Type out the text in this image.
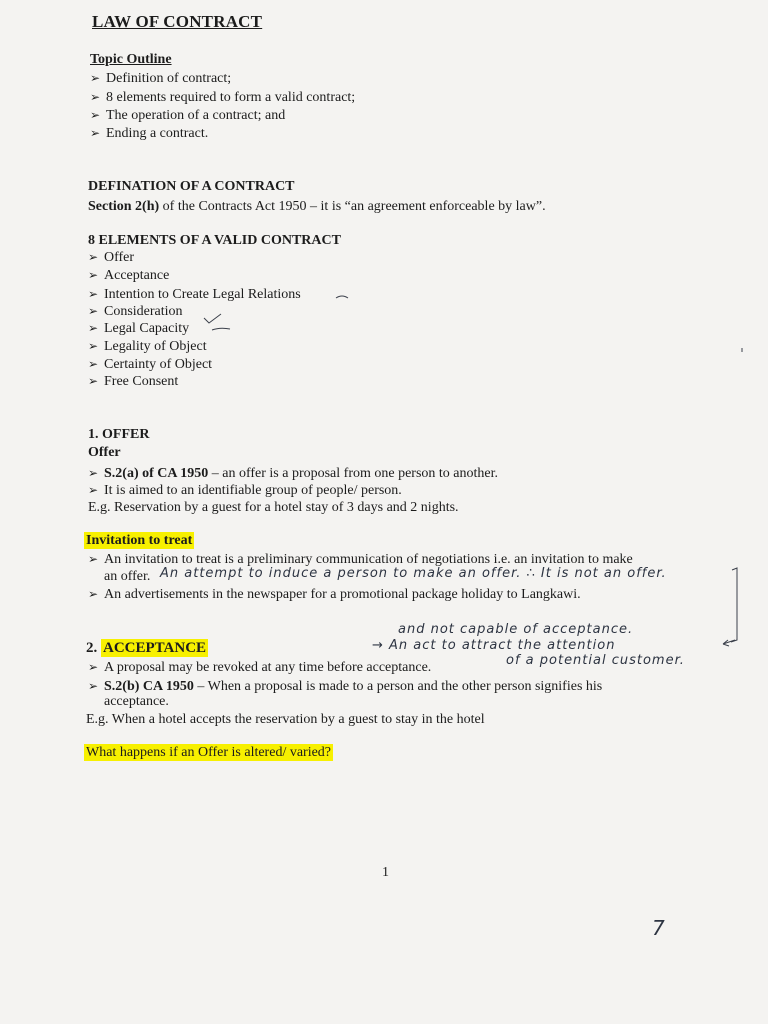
LAW OF CONTRACT
Topic Outline
➢ Definition of contract;
➢ 8 elements required to form a valid contract;
➢ The operation of a contract; and
➢ Ending a contract.
DEFINATION OF A CONTRACT
Section 2(h) of the Contracts Act 1950 – it is “an agreement enforceable by law”.
8 ELEMENTS OF A VALID CONTRACT
➢ Offer
➢ Acceptance
➢ Intention to Create Legal Relations
➢ Consideration
➢ Legal Capacity
➢ Legality of Object
➢ Certainty of Object
➢ Free Consent
1. OFFER
Offer
➢ S.2(a) of CA 1950 – an offer is a proposal from one person to another.
➢ It is aimed to an identifiable group of people/ person.
E.g. Reservation by a guest for a hotel stay of 3 days and 2 nights.
Invitation to treat
➢ An invitation to treat is a preliminary communication of negotiations i.e. an invitation to make
an offer.
➢ An advertisements in the newspaper for a promotional package holiday to Langkawi.
2. ACCEPTANCE
➢ A proposal may be revoked at any time before acceptance.
➢ S.2(b) CA 1950 – When a proposal is made to a person and the other person signifies his
acceptance.
E.g. When a hotel accepts the reservation by a guest to stay in the hotel
What happens if an Offer is altered/ varied?
1
An attempt to induce a person to make an offer. ∴ It is not an offer.
and not capable of acceptance.
→ An act to attract the attention
of a potential customer.
7
